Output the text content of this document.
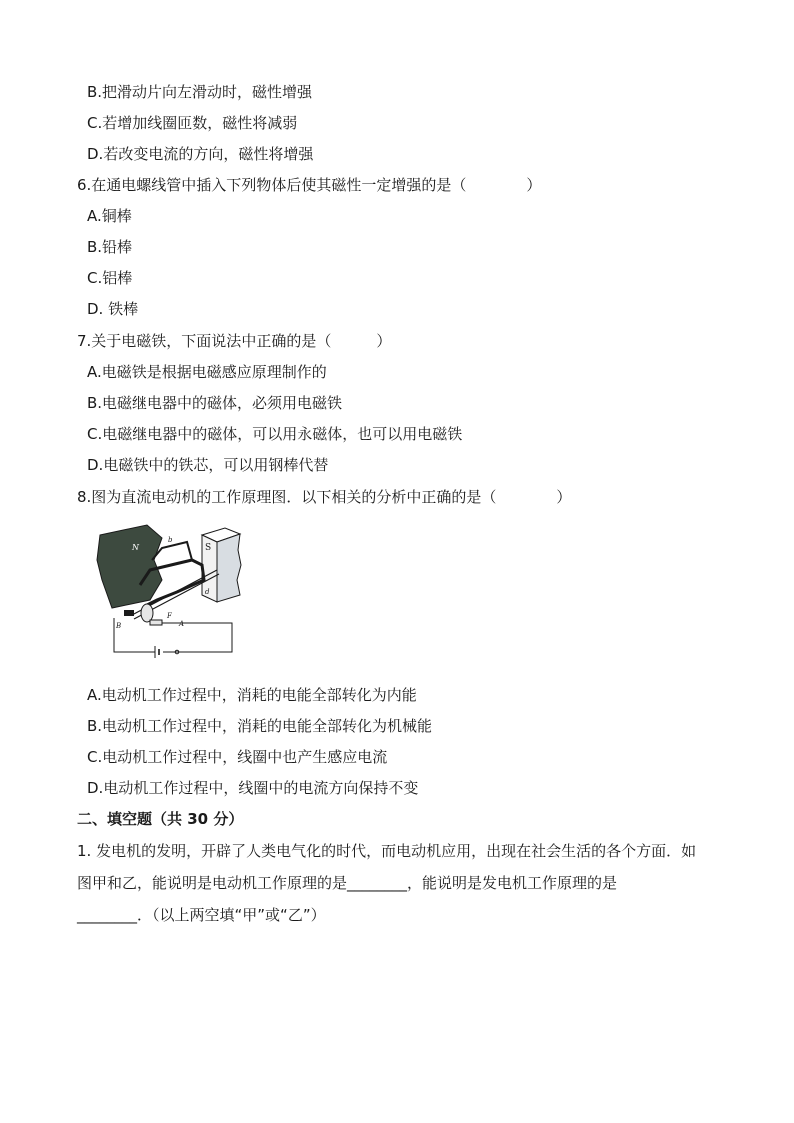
B.把滑动片向左滑动时，磁性增强
C.若增加线圈匝数，磁性将减弱
D.若改变电流的方向，磁性将增强
6.在通电螺线管中插入下列物体后使其磁性一定增强的是（　　　　）
A.铜棒
B.铅棒
C.铝棒
D. 铁棒
7.关于电磁铁，下面说法中正确的是（　　　）
A.电磁铁是根据电磁感应原理制作的
B.电磁继电器中的磁体，必须用电磁铁
C.电磁继电器中的磁体，可以用永磁体，也可以用电磁铁
D.电磁铁中的铁芯，可以用钢棒代替
8.图为直流电动机的工作原理图．以下相关的分析中正确的是（　　　　）
N	S
b
d
F
B	A
A.电动机工作过程中，消耗的电能全部转化为内能
B.电动机工作过程中，消耗的电能全部转化为机械能
C.电动机工作过程中，线圈中也产生感应电流
D.电动机工作过程中，线圈中的电流方向保持不变
二、填空题（共 30 分）
1. 发电机的发明，开辟了人类电气化的时代，而电动机应用，出现在社会生活的各个方面．如
图甲和乙，能说明是电动机工作原理的是________，能说明是发电机工作原理的是
________．（以上两空填“甲”或“乙”）
